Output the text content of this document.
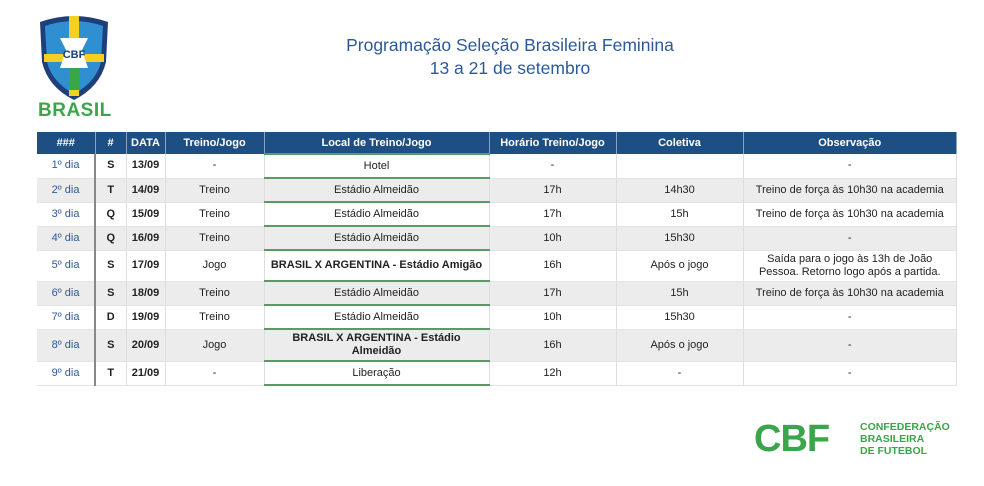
CBF
BRASIL
Programação Seleção Brasileira Feminina
13 a 21 de setembro
###	#	DATA	Treino/Jogo	Local de Treino/Jogo	Horário Treino/Jogo	Coletiva	Observação
1º dia	S	13/09	-	Hotel	-		-
2º dia	T	14/09	Treino	Estádio Almeidão	17h	14h30	Treino de força às 10h30 na academia
3º dia	Q	15/09	Treino	Estádio Almeidão	17h	15h	Treino de força às 10h30 na academia
4º dia	Q	16/09	Treino	Estádio Almeidão	10h	15h30	-
5º dia	S	17/09	Jogo	BRASIL X ARGENTINA - Estádio Amigão	16h	Após o jogo	Saída para o jogo às 13h de João Pessoa. Retorno logo após a partida.
6º dia	S	18/09	Treino	Estádio Almeidão	17h	15h	Treino de força às 10h30 na academia
7º dia	D	19/09	Treino	Estádio Almeidão	10h	15h30	-
8º dia	S	20/09	Jogo	BRASIL X ARGENTINA - Estádio Almeidão	16h	Após o jogo	-
9º dia	T	21/09	-	Liberação	12h	-	-
CBF	CONFEDERAÇÃO
BRASILEIRA
DE FUTEBOL
